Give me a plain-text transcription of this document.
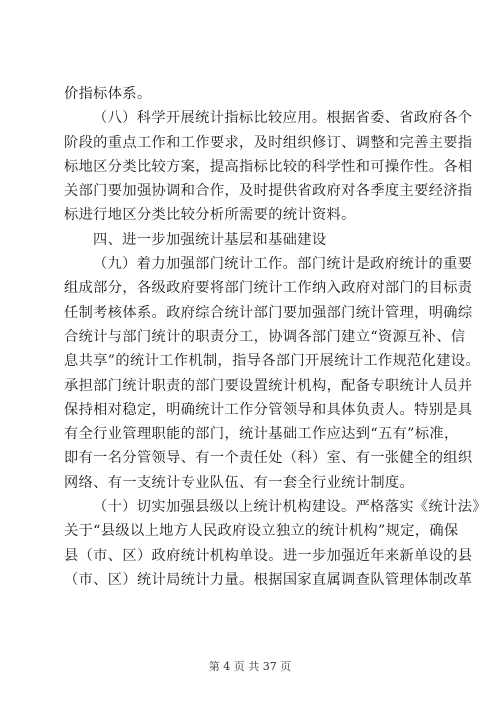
价指标体系。
（八）科学开展统计指标比较应用。根据省委、省政府各个
阶段的重点工作和工作要求，及时组织修订、调整和完善主要指
标地区分类比较方案，提高指标比较的科学性和可操作性。各相
关部门要加强协调和合作，及时提供省政府对各季度主要经济指
标进行地区分类比较分析所需要的统计资料。
四、进一步加强统计基层和基础建设
（九）着力加强部门统计工作。部门统计是政府统计的重要
组成部分，各级政府要将部门统计工作纳入政府对部门的目标责
任制考核体系。政府综合统计部门要加强部门统计管理，明确综
合统计与部门统计的职责分工，协调各部门建立“资源互补、信
息共享”的统计工作机制，指导各部门开展统计工作规范化建设。
承担部门统计职责的部门要设置统计机构，配备专职统计人员并
保持相对稳定，明确统计工作分管领导和具体负责人。特别是具
有全行业管理职能的部门，统计基础工作应达到“五有”标准，
即有一名分管领导、有一个责任处（科）室、有一张健全的组织
网络、有一支统计专业队伍、有一套全行业统计制度。
（十）切实加强县级以上统计机构建设。严格落实《统计法》
关于“县级以上地方人民政府设立独立的统计机构”规定，确保
县（市、区）政府统计机构单设。进一步加强近年来新单设的县
（市、区）统计局统计力量。根据国家直属调查队管理体制改革
第 4 页 共 37 页
